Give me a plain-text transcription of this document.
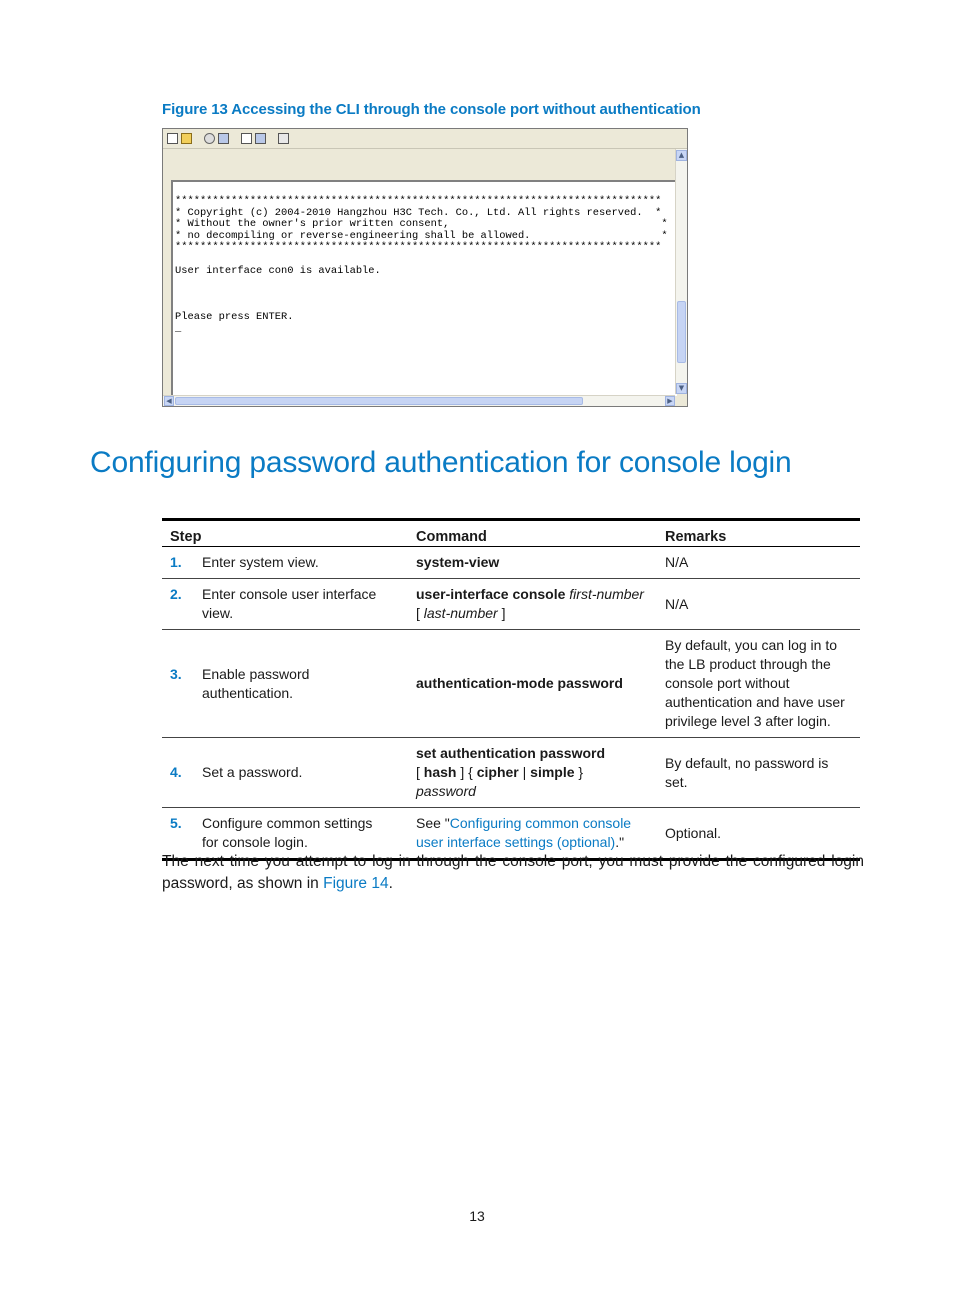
Figure 13 Accessing the CLI through the console port without authentication
******************************************************************************
* Copyright (c) 2004-2010 Hangzhou H3C Tech. Co., Ltd. All rights reserved.  *
* Without the owner's prior written consent,                                  *
* no decompiling or reverse-engineering shall be allowed.                     *
******************************************************************************

User interface con0 is available.

Please press ENTER.
_
▲
▼
◀	▶
Configuring password authentication for console login
Step	Command	Remarks
1. Enter system view.	system-view	N/A
2. Enter console user interface view.	user-interface console first-number
[ last-number ]	N/A
3. Enable password authentication.	authentication-mode password	By default, you can log in to the LB product through the console port without authentication and have user privilege level 3 after login.
4. Set a password.	set authentication password
[ hash ] { cipher | simple }
password	By default, no password is set.
5. Configure common settings for console login.	See "Configuring common console user interface settings (optional)."	Optional.

The next time you attempt to log in through the console port, you must provide the configured login password, as shown in Figure 14.

13
